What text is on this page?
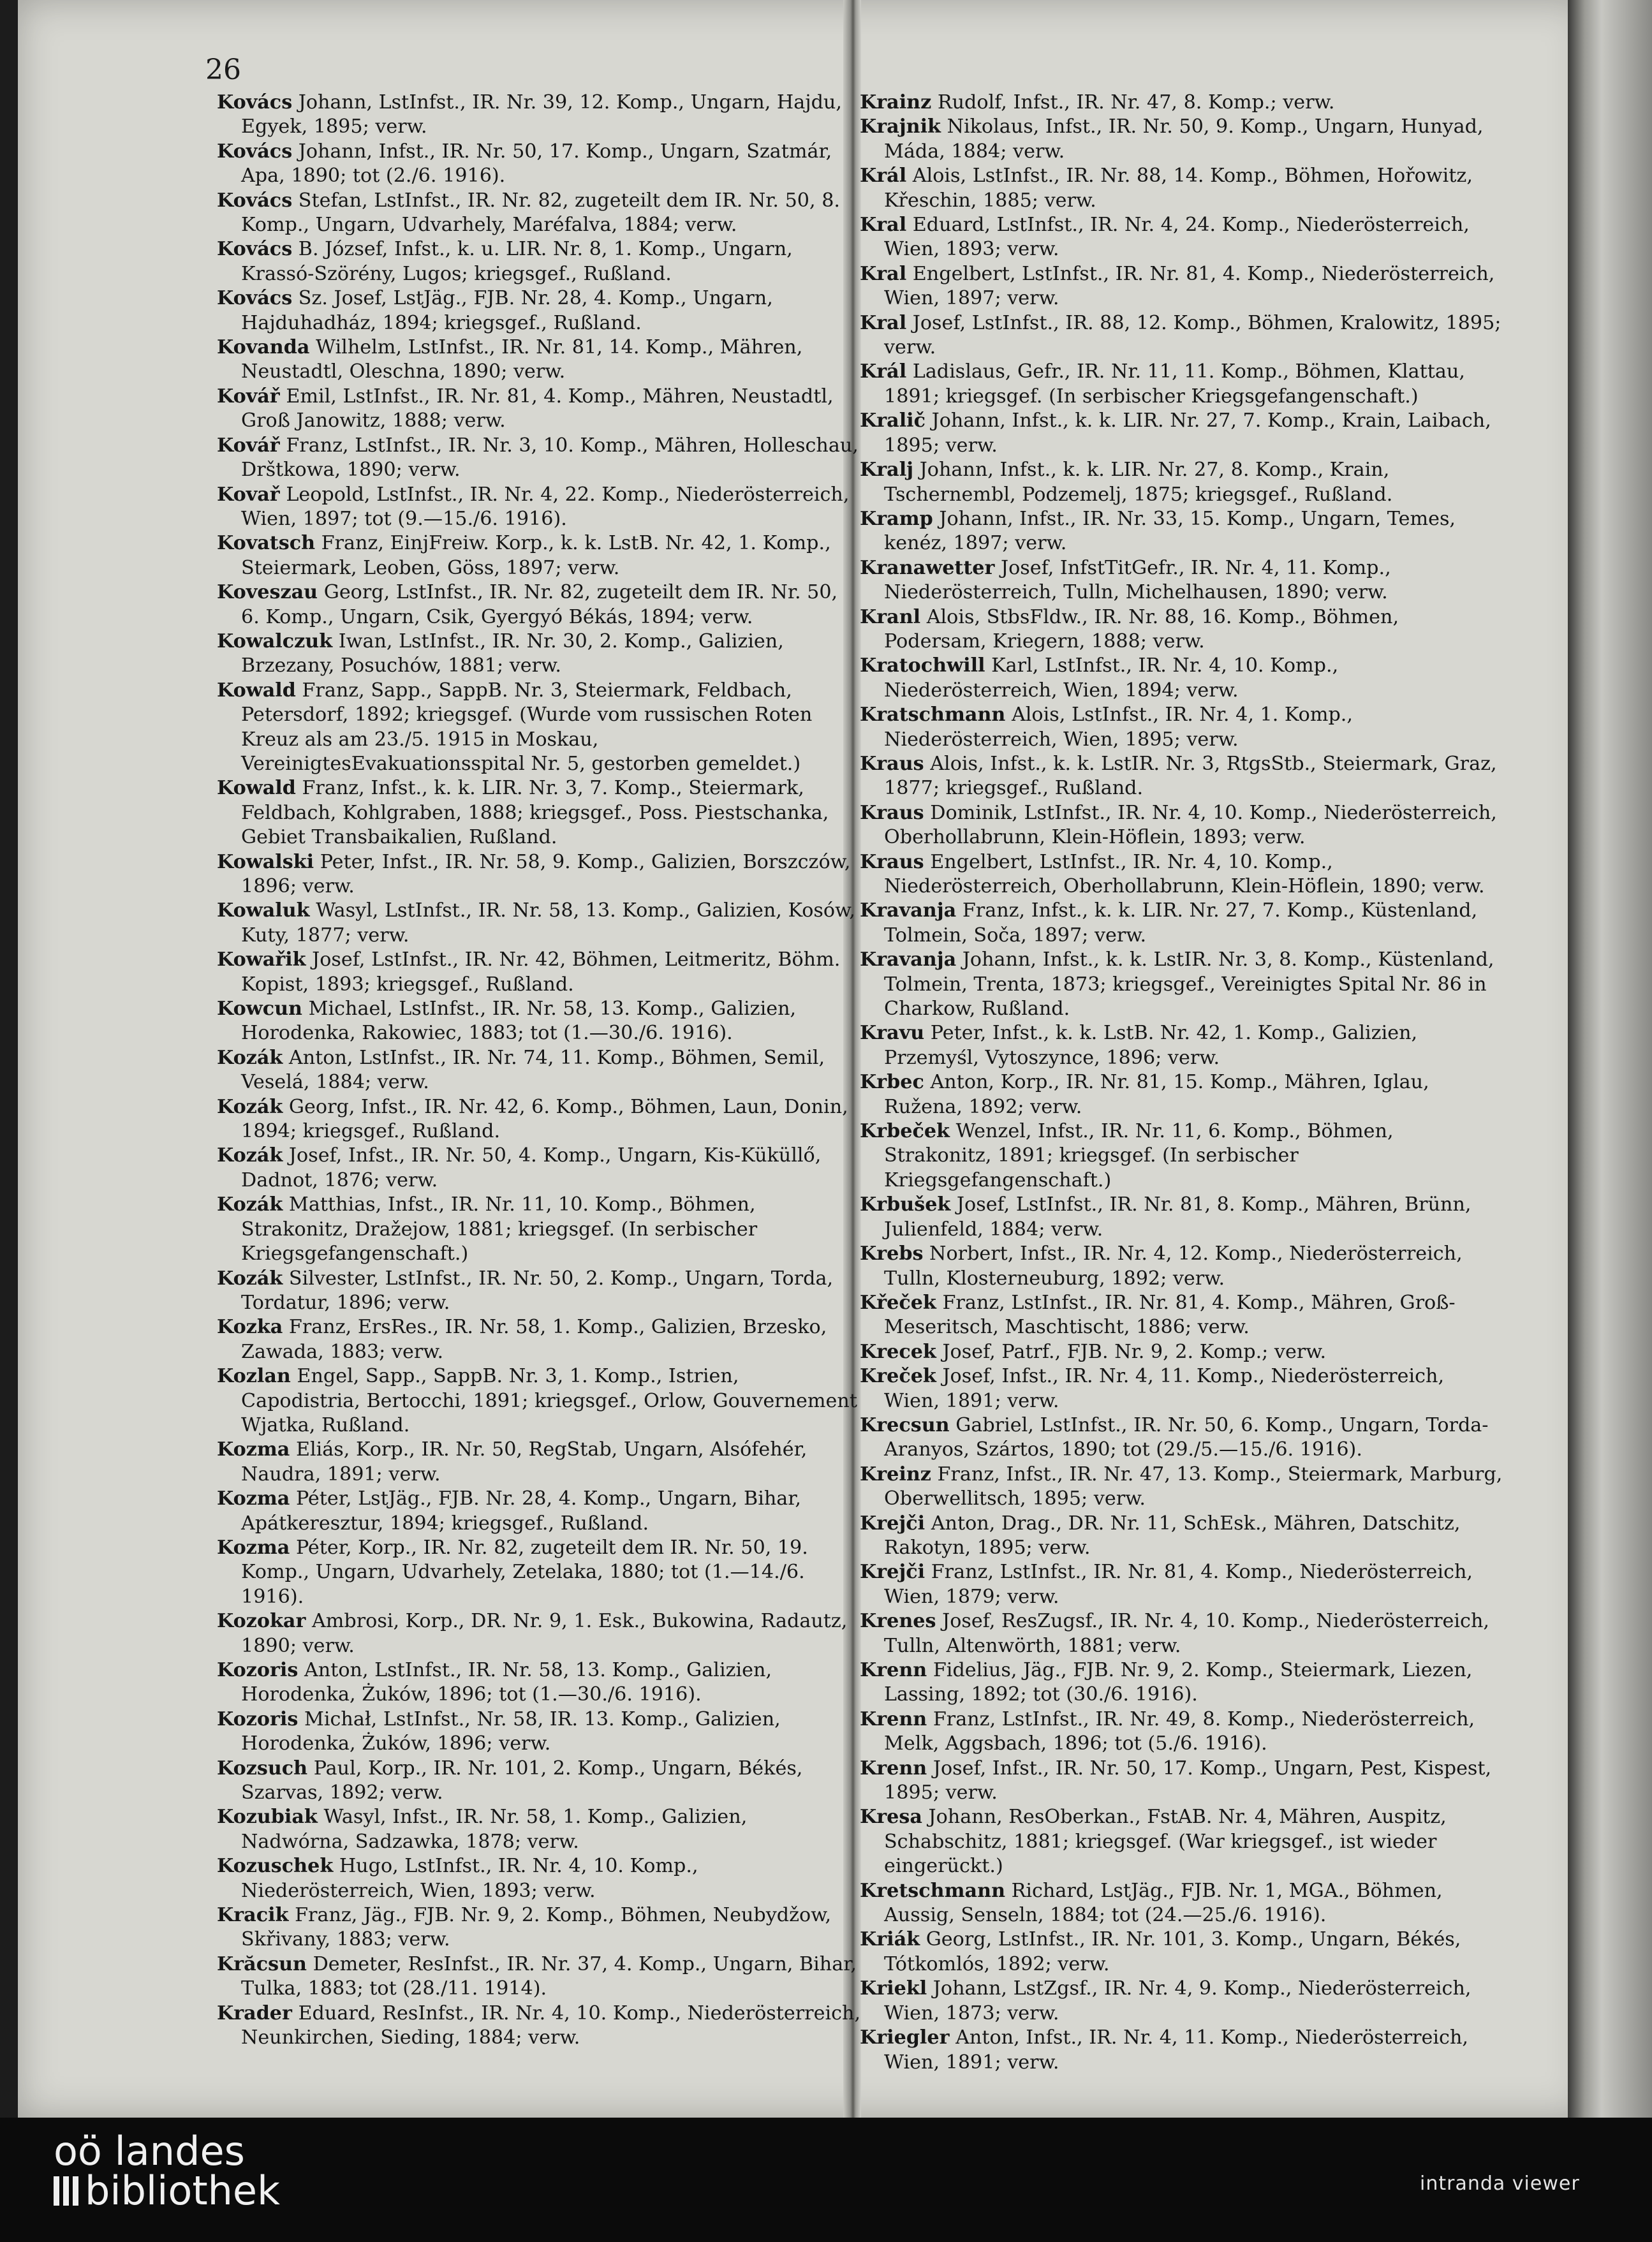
26

Kovács Johann, LstInfst., IR. Nr. 39, 12. Komp., Ungarn, Hajdu, Egyek, 1895; verw.

Kovács Johann, Infst., IR. Nr. 50, 17. Komp., Ungarn, Szatmár, Apa, 1890; tot (2./6. 1916).

Kovács Stefan, LstInfst., IR. Nr. 82, zugeteilt dem IR. Nr. 50, 8. Komp., Ungarn, Udvarhely, Maréfalva, 1884; verw.

Kovács B. József, Infst., k. u. LIR. Nr. 8, 1. Komp., Ungarn, Krassó-Szörény, Lugos; kriegsgef., Rußland.

Kovács Sz. Josef, LstJäg., FJB. Nr. 28, 4. Komp., Ungarn, Hajduhadház, 1894; kriegsgef., Rußland.

Kovanda Wilhelm, LstInfst., IR. Nr. 81, 14. Komp., Mähren, Neustadtl, Oleschna, 1890; verw.

Kovář Emil, LstInfst., IR. Nr. 81, 4. Komp., Mähren, Neustadtl, Groß Janowitz, 1888; verw.

Kovář Franz, LstInfst., IR. Nr. 3, 10. Komp., Mähren, Holleschau, Drštkowa, 1890; verw.

Kovař Leopold, LstInfst., IR. Nr. 4, 22. Komp., Niederösterreich, Wien, 1897; tot (9.—15./6. 1916).

Kovatsch Franz, EinjFreiw. Korp., k. k. LstB. Nr. 42, 1. Komp., Steiermark, Leoben, Göss, 1897; verw.

Koveszau Georg, LstInfst., IR. Nr. 82, zugeteilt dem IR. Nr. 50, 6. Komp., Ungarn, Csik, Gyergyó Békás, 1894; verw.

Kowalczuk Iwan, LstInfst., IR. Nr. 30, 2. Komp., Galizien, Brzezany, Posuchów, 1881; verw.

Kowald Franz, Sapp., SappB. Nr. 3, Steiermark, Feldbach, Petersdorf, 1892; kriegsgef. (Wurde vom russischen Roten Kreuz als am 23./5. 1915 in Moskau, VereinigtesEvakuationsspital Nr. 5, gestorben gemeldet.)

Kowald Franz, Infst., k. k. LIR. Nr. 3, 7. Komp., Steiermark, Feldbach, Kohlgraben, 1888; kriegsgef., Poss. Piestschanka, Gebiet Transbaikalien, Rußland.

Kowalski Peter, Infst., IR. Nr. 58, 9. Komp., Galizien, Borszczów, 1896; verw.

Kowaluk Wasyl, LstInfst., IR. Nr. 58, 13. Komp., Galizien, Kosów, Kuty, 1877; verw.

Kowařik Josef, LstInfst., IR. Nr. 42, Böhmen, Leitmeritz, Böhm. Kopist, 1893; kriegsgef., Rußland.

Kowcun Michael, LstInfst., IR. Nr. 58, 13. Komp., Galizien, Horodenka, Rakowiec, 1883; tot (1.—30./6. 1916).

Kozák Anton, LstInfst., IR. Nr. 74, 11. Komp., Böhmen, Semil, Veselá, 1884; verw.

Kozák Georg, Infst., IR. Nr. 42, 6. Komp., Böhmen, Laun, Donin, 1894; kriegsgef., Rußland.

Kozák Josef, Infst., IR. Nr. 50, 4. Komp., Ungarn, Kis-Küküllő, Dadnot, 1876; verw.

Kozák Matthias, Infst., IR. Nr. 11, 10. Komp., Böhmen, Strakonitz, Dražejow, 1881; kriegsgef. (In serbischer Kriegsgefangenschaft.)

Kozák Silvester, LstInfst., IR. Nr. 50, 2. Komp., Ungarn, Torda, Tordatur, 1896; verw.

Kozka Franz, ErsRes., IR. Nr. 58, 1. Komp., Galizien, Brzesko, Zawada, 1883; verw.

Kozlan Engel, Sapp., SappB. Nr. 3, 1. Komp., Istrien, Capodistria, Bertocchi, 1891; kriegsgef., Orlow, Gouvernement Wjatka, Rußland.

Kozma Eliás, Korp., IR. Nr. 50, RegStab, Ungarn, Alsófehér, Naudra, 1891; verw.

Kozma Péter, LstJäg., FJB. Nr. 28, 4. Komp., Ungarn, Bihar, Apátkeresztur, 1894; kriegsgef., Rußland.

Kozma Péter, Korp., IR. Nr. 82, zugeteilt dem IR. Nr. 50, 19. Komp., Ungarn, Udvarhely, Zetelaka, 1880; tot (1.—14./6. 1916).

Kozokar Ambrosi, Korp., DR. Nr. 9, 1. Esk., Bukowina, Radautz, 1890; verw.

Kozoris Anton, LstInfst., IR. Nr. 58, 13. Komp., Galizien, Horodenka, Żuków, 1896; tot (1.—30./6. 1916).

Kozoris Michał, LstInfst., Nr. 58, IR. 13. Komp., Galizien, Horodenka, Żuków, 1896; verw.

Kozsuch Paul, Korp., IR. Nr. 101, 2. Komp., Ungarn, Békés, Szarvas, 1892; verw.

Kozubiak Wasyl, Infst., IR. Nr. 58, 1. Komp., Galizien, Nadwórna, Sadzawka, 1878; verw.

Kozuschek Hugo, LstInfst., IR. Nr. 4, 10. Komp., Niederösterreich, Wien, 1893; verw.

Kracik Franz, Jäg., FJB. Nr. 9, 2. Komp., Böhmen, Neubydžow, Skřivany, 1883; verw.

Krăcsun Demeter, ResInfst., IR. Nr. 37, 4. Komp., Ungarn, Bihar, Tulka, 1883; tot (28./11. 1914).

Krader Eduard, ResInfst., IR. Nr. 4, 10. Komp., Niederösterreich, Neunkirchen, Sieding, 1884; verw.

Krainz Rudolf, Infst., IR. Nr. 47, 8. Komp.; verw.

Krajnik Nikolaus, Infst., IR. Nr. 50, 9. Komp., Ungarn, Hunyad, Máda, 1884; verw.

Král Alois, LstInfst., IR. Nr. 88, 14. Komp., Böhmen, Hořowitz, Křeschin, 1885; verw.

Kral Eduard, LstInfst., IR. Nr. 4, 24. Komp., Niederösterreich, Wien, 1893; verw.

Kral Engelbert, LstInfst., IR. Nr. 81, 4. Komp., Niederösterreich, Wien, 1897; verw.

Kral Josef, LstInfst., IR. 88, 12. Komp., Böhmen, Kralowitz, 1895; verw.

Král Ladislaus, Gefr., IR. Nr. 11, 11. Komp., Böhmen, Klattau, 1891; kriegsgef. (In serbischer Kriegsgefangenschaft.)

Kralič Johann, Infst., k. k. LIR. Nr. 27, 7. Komp., Krain, Laibach, 1895; verw.

Kralj Johann, Infst., k. k. LIR. Nr. 27, 8. Komp., Krain, Tschernembl, Podzemelj, 1875; kriegsgef., Rußland.

Kramp Johann, Infst., IR. Nr. 33, 15. Komp., Ungarn, Temes, kenéz, 1897; verw.

Kranawetter Josef, InfstTitGefr., IR. Nr. 4, 11. Komp., Niederösterreich, Tulln, Michelhausen, 1890; verw.

Kranl Alois, StbsFldw., IR. Nr. 88, 16. Komp., Böhmen, Podersam, Kriegern, 1888; verw.

Kratochwill Karl, LstInfst., IR. Nr. 4, 10. Komp., Niederösterreich, Wien, 1894; verw.

Kratschmann Alois, LstInfst., IR. Nr. 4, 1. Komp., Niederösterreich, Wien, 1895; verw.

Kraus Alois, Infst., k. k. LstIR. Nr. 3, RtgsStb., Steiermark, Graz, 1877; kriegsgef., Rußland.

Kraus Dominik, LstInfst., IR. Nr. 4, 10. Komp., Niederösterreich, Oberhollabrunn, Klein-Höflein, 1893; verw.

Kraus Engelbert, LstInfst., IR. Nr. 4, 10. Komp., Niederösterreich, Oberhollabrunn, Klein-Höflein, 1890; verw.

Kravanja Franz, Infst., k. k. LIR. Nr. 27, 7. Komp., Küstenland, Tolmein, Soča, 1897; verw.

Kravanja Johann, Infst., k. k. LstIR. Nr. 3, 8. Komp., Küstenland, Tolmein, Trenta, 1873; kriegsgef., Vereinigtes Spital Nr. 86 in Charkow, Rußland.

Kravu Peter, Infst., k. k. LstB. Nr. 42, 1. Komp., Galizien, Przemyśl, Vytoszynce, 1896; verw.

Krbec Anton, Korp., IR. Nr. 81, 15. Komp., Mähren, Iglau, Ružena, 1892; verw.

Krbeček Wenzel, Infst., IR. Nr. 11, 6. Komp., Böhmen, Strakonitz, 1891; kriegsgef. (In serbischer Kriegsgefangenschaft.)

Krbušek Josef, LstInfst., IR. Nr. 81, 8. Komp., Mähren, Brünn, Julienfeld, 1884; verw.

Krebs Norbert, Infst., IR. Nr. 4, 12. Komp., Niederösterreich, Tulln, Klosterneuburg, 1892; verw.

Křeček Franz, LstInfst., IR. Nr. 81, 4. Komp., Mähren, Groß-Meseritsch, Maschtischt, 1886; verw.

Krecek Josef, Patrf., FJB. Nr. 9, 2. Komp.; verw.

Kreček Josef, Infst., IR. Nr. 4, 11. Komp., Niederösterreich, Wien, 1891; verw.

Krecsun Gabriel, LstInfst., IR. Nr. 50, 6. Komp., Ungarn, Torda-Aranyos, Szártos, 1890; tot (29./5.—15./6. 1916).

Kreinz Franz, Infst., IR. Nr. 47, 13. Komp., Steiermark, Marburg, Oberwellitsch, 1895; verw.

Krejči Anton, Drag., DR. Nr. 11, SchEsk., Mähren, Datschitz, Rakotyn, 1895; verw.

Krejči Franz, LstInfst., IR. Nr. 81, 4. Komp., Niederösterreich, Wien, 1879; verw.

Krenes Josef, ResZugsf., IR. Nr. 4, 10. Komp., Niederösterreich, Tulln, Altenwörth, 1881; verw.

Krenn Fidelius, Jäg., FJB. Nr. 9, 2. Komp., Steiermark, Liezen, Lassing, 1892; tot (30./6. 1916).

Krenn Franz, LstInfst., IR. Nr. 49, 8. Komp., Niederösterreich, Melk, Aggsbach, 1896; tot (5./6. 1916).

Krenn Josef, Infst., IR. Nr. 50, 17. Komp., Ungarn, Pest, Kispest, 1895; verw.

Kresa Johann, ResOberkan., FstAB. Nr. 4, Mähren, Auspitz, Schabschitz, 1881; kriegsgef. (War kriegsgef., ist wieder eingerückt.)

Kretschmann Richard, LstJäg., FJB. Nr. 1, MGA., Böhmen, Aussig, Senseln, 1884; tot (24.—25./6. 1916).

Kriák Georg, LstInfst., IR. Nr. 101, 3. Komp., Ungarn, Békés, Tótkomlós, 1892; verw.

Kriekl Johann, LstZgsf., IR. Nr. 4, 9. Komp., Niederösterreich, Wien, 1873; verw.

Kriegler Anton, Infst., IR. Nr. 4, 11. Komp., Niederösterreich, Wien, 1891; verw.

oö landes
bibliothek	intranda viewer
